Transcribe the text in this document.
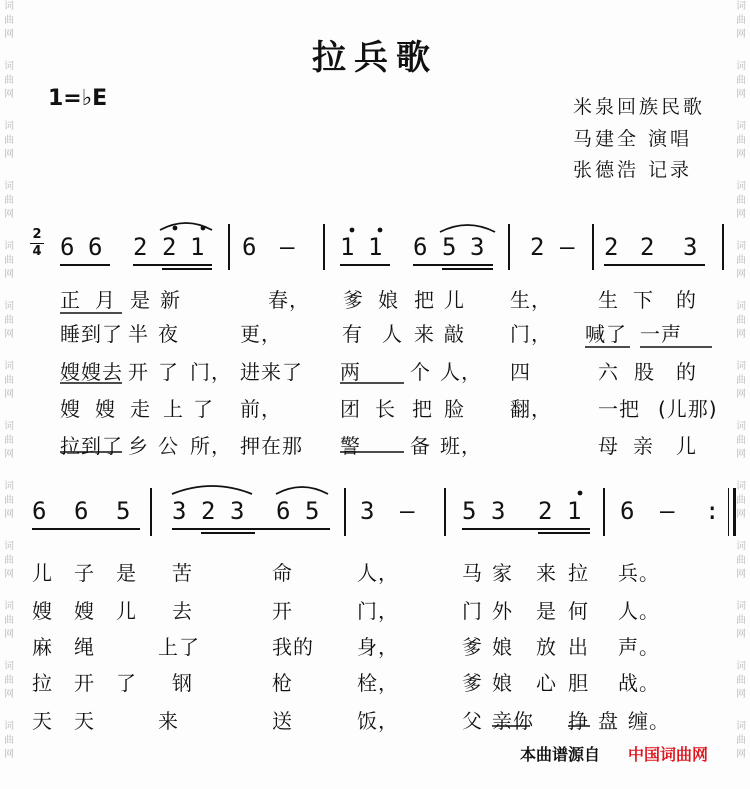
词
曲
网
词
曲
网
词
曲
网
词
曲
网
词
曲
网
词
曲
网
词
曲
网
词
曲
网
词
曲
网
词
曲
网
词
曲
网
词
曲
网
词
曲
网
词
曲
网
词
曲
网
词
曲
网
词
曲
网
词
曲
网
词
曲
网
词
曲
网
词
曲
网
词
曲
网
词
曲
网
词
曲
网
词
曲
网
词
曲
网
拉兵歌
1=♭E	米泉回族民歌
马建全 演唱
张德浩 记录
2
4 6 6 2 2 1 6 — 1 1 6 5 3 2 — 2 2 3
6 6 5 3 2 3 6 5 3 — 5 3 2 1 6 — :
正 月 是 新	春， 爹 娘 把 儿 生， 生 下 的
睡到了 半 夜	更，	有 人 来 敲 门， 喊了 一声
嫂嫂去 开 了 门， 进来了 两 个 人， 四	六 股 的
嫂 嫂 走 上 了 前，	团 长 把 脸 翻， 一把 (儿那)
拉到了 乡 公 所， 押在那 警 备 班，	母 亲 儿
儿 子 是 苦	命	人，	马 家 来 拉 兵。
嫂 嫂 儿 去	开	门，	门 外 是 何 人。
麻 绳	上了	我的 身，	爹 娘 放 出 声。
拉 开 了 钢	枪	栓，	爹 娘 心 胆 战。
天 天	来	送	饭，	父 亲你 挣 盘 缠。
本曲谱源自 中国词曲网
